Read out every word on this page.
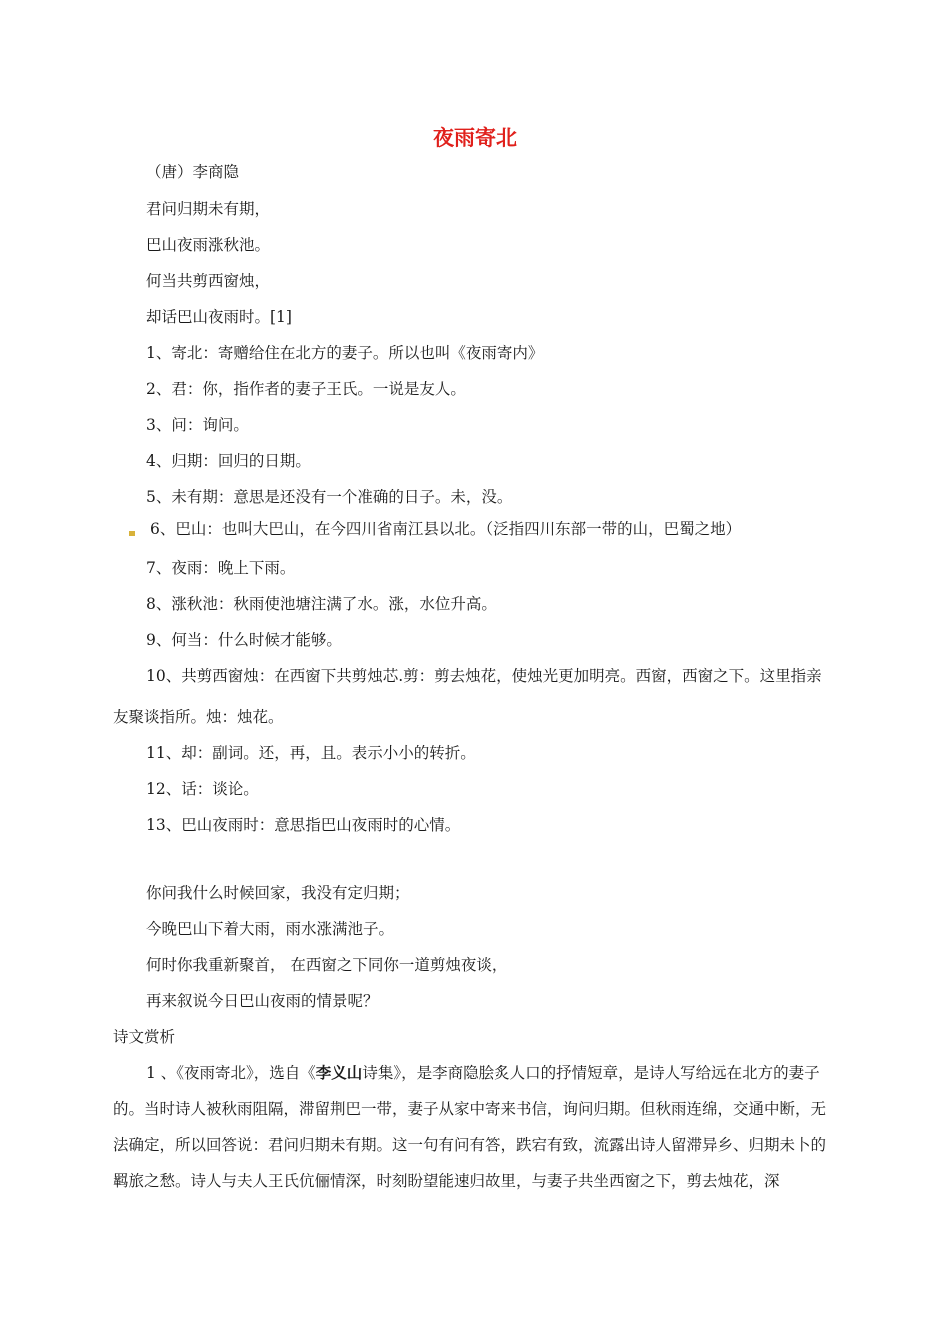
夜雨寄北
（唐）李商隐
君问归期未有期，
巴山夜雨涨秋池。
何当共剪西窗烛，
却话巴山夜雨时。[1]
1、寄北：寄赠给住在北方的妻子。所以也叫《夜雨寄内》
2、君：你，指作者的妻子王氏。一说是友人。
3、问：询问。
4、归期：回归的日期。
5、未有期：意思是还没有一个准确的日子。未，没。
6、巴山：也叫大巴山，在今四川省南江县以北。（泛指四川东部一带的山，巴蜀之地）
7、夜雨：晚上下雨。
8、涨秋池：秋雨使池塘注满了水。涨，水位升高。
9、何当：什么时候才能够。
10、共剪西窗烛：在西窗下共剪烛芯.剪：剪去烛花，使烛光更加明亮。西窗，西窗之下。这里指亲
友聚谈指所。烛：烛花。
11、却：副词。还，再，且。表示小小的转折。
12、话：谈论。
13、巴山夜雨时：意思指巴山夜雨时的心情。
你问我什么时候回家，我没有定归期；
今晚巴山下着大雨，雨水涨满池子。
何时你我重新聚首， 在西窗之下同你一道剪烛夜谈，
再来叙说今日巴山夜雨的情景呢？
诗文赏析
1 、《夜雨寄北》，选自《李义山诗集》，是李商隐脍炙人口的抒情短章，是诗人写给远在北方的妻子的。当时诗人被秋雨阻隔，滞留荆巴一带，妻子从家中寄来书信，询问归期。但秋雨连绵，交通中断，无法确定，所以回答说：君问归期未有期。这一句有问有答，跌宕有致，流露出诗人留滞异乡、归期未卜的羁旅之愁。诗人与夫人王氏伉俪情深，时刻盼望能速归故里，与妻子共坐西窗之下，剪去烛花，深
